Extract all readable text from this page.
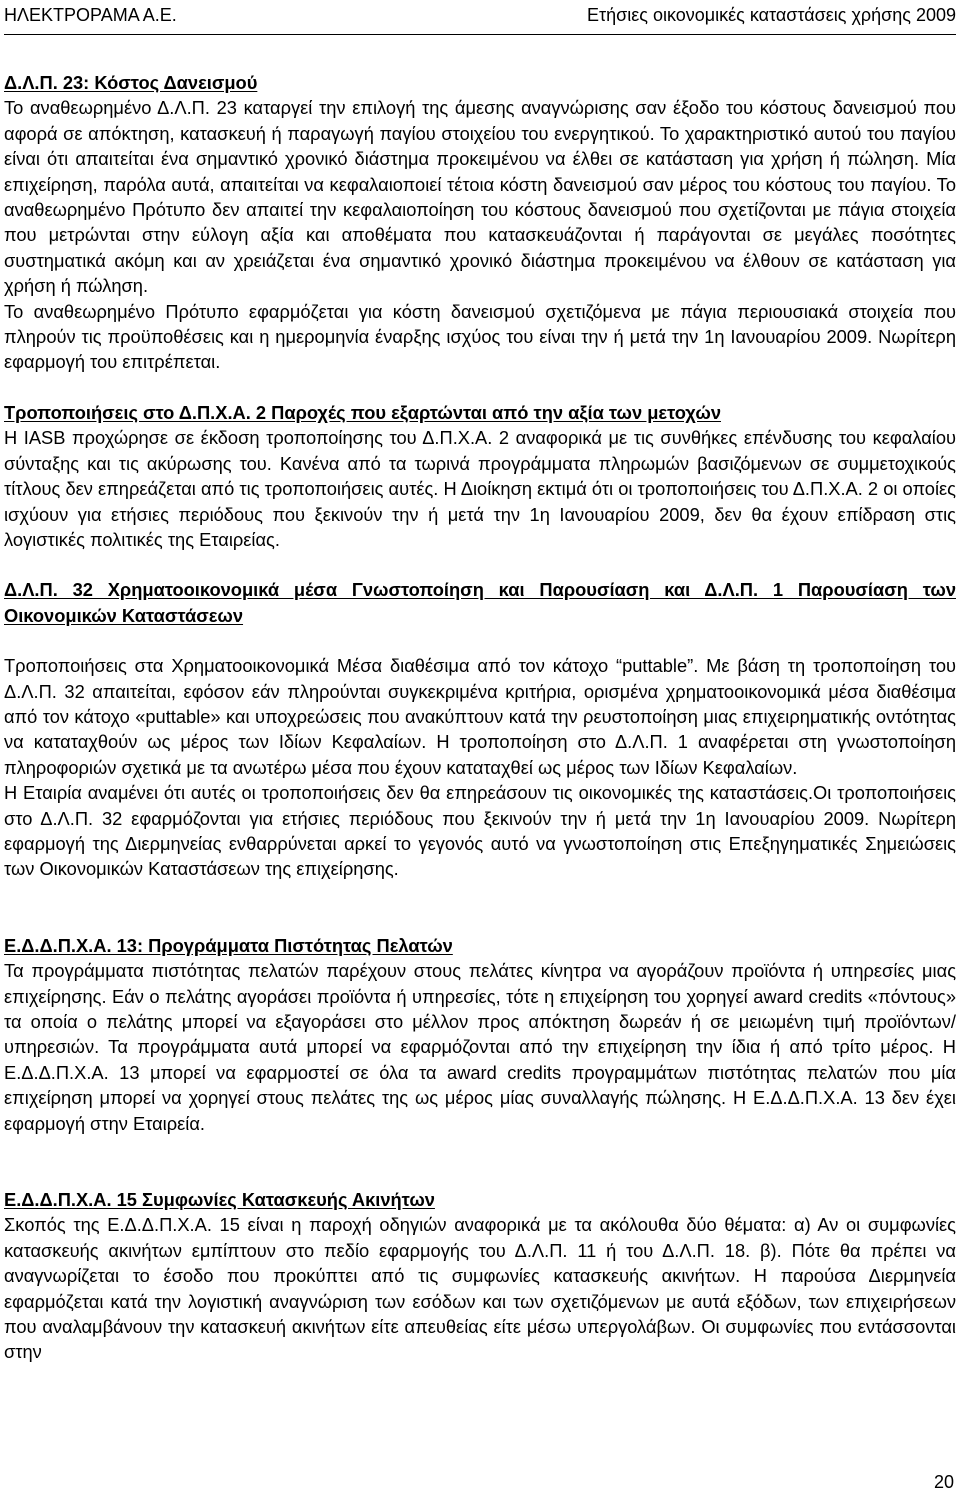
ΗΛΕΚΤΡΟΡΑΜΑ Α.Ε.	Ετήσιες οικονομικές καταστάσεις χρήσης 2009
Δ.Λ.Π. 23: Κόστος Δανεισμού

Το αναθεωρημένο Δ.Λ.Π. 23 καταργεί την επιλογή της άμεσης αναγνώρισης σαν έξοδο του κόστους δανεισμού που αφορά σε απόκτηση, κατασκευή ή παραγωγή παγίου στοιχείου του ενεργητικού. Το χαρακτηριστικό αυτού του παγίου είναι ότι απαιτείται ένα σημαντικό χρονικό διάστημα προκειμένου να έλθει σε κατάσταση για χρήση ή πώληση. Μία επιχείρηση, παρόλα αυτά, απαιτείται να κεφαλαιοποιεί τέτοια κόστη δανεισμού σαν μέρος του κόστους του παγίου. Το αναθεωρημένο Πρότυπο δεν απαιτεί την κεφαλαιοποίηση του κόστους δανεισμού που σχετίζονται με πάγια στοιχεία που μετρώνται στην εύλογη αξία και αποθέματα που κατασκευάζονται ή παράγονται σε μεγάλες ποσότητες συστηματικά ακόμη και αν χρειάζεται ένα σημαντικό χρονικό διάστημα προκειμένου να έλθουν σε κατάσταση για χρήση ή πώληση.

Το αναθεωρημένο Πρότυπο εφαρμόζεται για κόστη δανεισμού σχετιζόμενα με πάγια περιουσιακά στοιχεία που πληρούν τις προϋποθέσεις και η ημερομηνία έναρξης ισχύος του είναι την ή μετά την 1η Ιανουαρίου 2009. Νωρίτερη εφαρμογή του επιτρέπεται.

Τροποποιήσεις στο Δ.Π.Χ.Α. 2 Παροχές που εξαρτώνται από την αξία των μετοχών

Η IASB προχώρησε σε έκδοση τροποποίησης του Δ.Π.Χ.Α. 2 αναφορικά με τις συνθήκες επένδυσης του κεφαλαίου σύνταξης και τις ακύρωσης του. Κανένα από τα τωρινά προγράμματα πληρωμών βασιζόμενων σε συμμετοχικούς τίτλους δεν επηρεάζεται από τις τροποποιήσεις αυτές. Η Διοίκηση εκτιμά ότι οι τροποποιήσεις του Δ.Π.Χ.Α. 2 οι οποίες ισχύουν για ετήσιες περιόδους που ξεκινούν την ή μετά την 1η Ιανουαρίου 2009, δεν θα έχουν επίδραση στις λογιστικές πολιτικές της Εταιρείας.

Δ.Λ.Π. 32 Χρηματοοικονομικά μέσα Γνωστοποίηση και Παρουσίαση και Δ.Λ.Π. 1 Παρουσίαση των Οικονομικών Καταστάσεων

Τροποποιήσεις στα Χρηματοοικονομικά Μέσα διαθέσιμα από τον κάτοχο “puttable”. Με βάση τη τροποποίηση του Δ.Λ.Π. 32 απαιτείται, εφόσον εάν πληρούνται συγκεκριμένα κριτήρια, ορισμένα χρηματοοικονομικά μέσα διαθέσιμα από τον κάτοχο «puttable» και υποχρεώσεις που ανακύπτουν κατά την ρευστοποίηση μιας επιχειρηματικής οντότητας να καταταχθούν ως μέρος των Ιδίων Κεφαλαίων. Η τροποποίηση στο Δ.Λ.Π. 1 αναφέρεται στη γνωστοποίηση πληροφοριών σχετικά με τα ανωτέρω μέσα που έχουν καταταχθεί ως μέρος των Ιδίων Κεφαλαίων.

Η Εταιρία αναμένει ότι αυτές οι τροποποιήσεις δεν θα επηρεάσουν τις οικονομικές της καταστάσεις.Οι τροποποιήσεις στο Δ.Λ.Π. 32 εφαρμόζονται για ετήσιες περιόδους που ξεκινούν την ή μετά την 1η Ιανουαρίου 2009. Νωρίτερη εφαρμογή της Διερμηνείας ενθαρρύνεται αρκεί το γεγονός αυτό να γνωστοποίηση στις Επεξηγηματικές Σημειώσεις των Οικονομικών Καταστάσεων της επιχείρησης.

Ε.Δ.Δ.Π.Χ.Α. 13: Προγράμματα Πιστότητας Πελατών

Τα προγράμματα πιστότητας πελατών παρέχουν στους πελάτες κίνητρα να αγοράζουν προϊόντα ή υπηρεσίες μιας επιχείρησης. Εάν ο πελάτης αγοράσει προϊόντα ή υπηρεσίες, τότε η επιχείρηση του χορηγεί award credits «πόντους» τα οποία ο πελάτης μπορεί να εξαγοράσει στο μέλλον προς απόκτηση δωρεάν ή σε μειωμένη τιμή προϊόντων/υπηρεσιών. Τα προγράμματα αυτά μπορεί να εφαρμόζονται από την επιχείρηση την ίδια ή από τρίτο μέρος. Η Ε.Δ.Δ.Π.Χ.Α. 13 μπορεί να εφαρμοστεί σε όλα τα award credits προγραμμάτων πιστότητας πελατών που μία επιχείρηση μπορεί να χορηγεί στους πελάτες της ως μέρος μίας συναλλαγής πώλησης. Η Ε.Δ.Δ.Π.Χ.Α. 13 δεν έχει εφαρμογή στην Εταιρεία.

Ε.Δ.Δ.Π.Χ.Α. 15 Συμφωνίες Κατασκευής Ακινήτων

Σκοπός της Ε.Δ.Δ.Π.Χ.Α. 15 είναι η παροχή οδηγιών αναφορικά με τα ακόλουθα δύο θέματα: α) Αν οι συμφωνίες κατασκευής ακινήτων εμπίπτουν στο πεδίο εφαρμογής του Δ.Λ.Π. 11 ή του Δ.Λ.Π. 18. β). Πότε θα πρέπει να αναγνωρίζεται το έσοδο που προκύπτει από τις συμφωνίες κατασκευής ακινήτων. Η παρούσα Διερμηνεία εφαρμόζεται κατά την λογιστική αναγνώριση των εσόδων και των σχετιζόμενων με αυτά εξόδων, των επιχειρήσεων που αναλαμβάνουν την κατασκευή ακινήτων είτε απευθείας είτε μέσω υπεργολάβων. Οι συμφωνίες που εντάσσονται στην

20
